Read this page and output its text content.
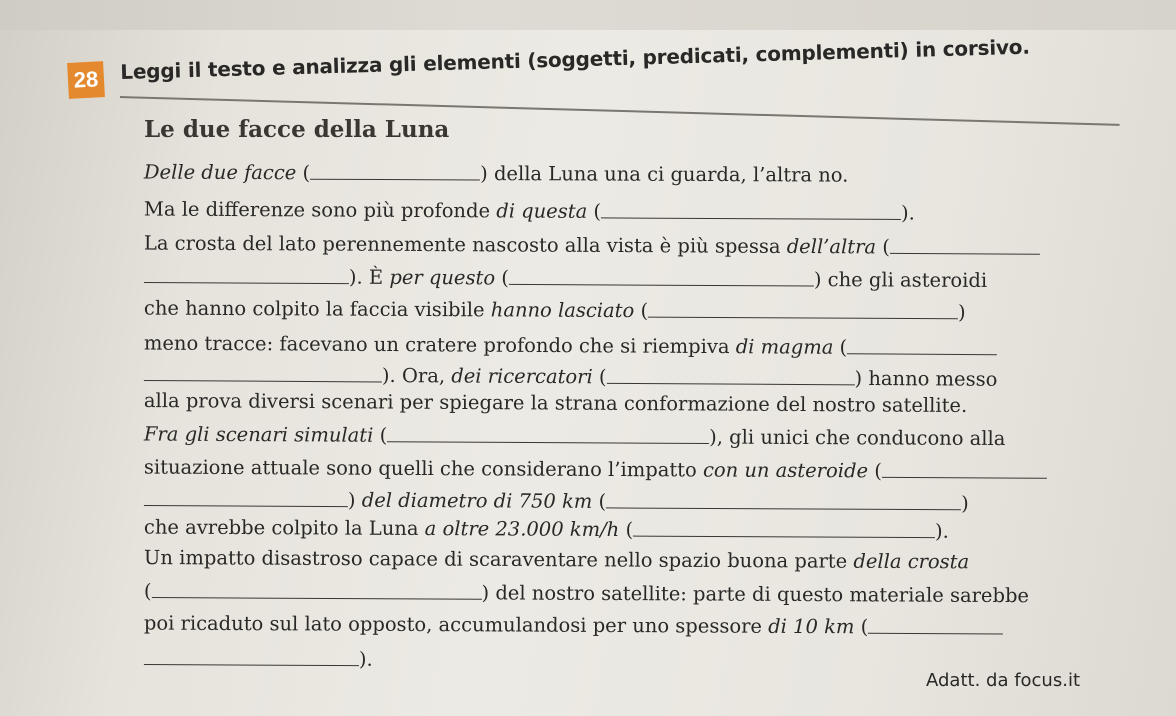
28	Leggi il testo e analizza gli elementi (soggetti, predicati, complementi) in corsivo.
Le due facce della Luna
Delle due facce (	) della Luna una ci guarda, l’altra no.
Ma le differenze sono più profonde di questa (	).
La crosta del lato perennemente nascosto alla vista è più spessa dell’altra (
). È per questo (	) che gli asteroidi
che hanno colpito la faccia visibile hanno lasciato (	)
meno tracce: facevano un cratere profondo che si riempiva di magma (
). Ora, dei ricercatori (	) hanno messo
alla prova diversi scenari per spiegare la strana conformazione del nostro satellite.
Fra gli scenari simulati (	), gli unici che conducono alla
situazione attuale sono quelli che considerano l’impatto con un asteroide (
) del diametro di 750 km (	)
che avrebbe colpito la Luna a oltre 23.000 km/h (	).
Un impatto disastroso capace di scaraventare nello spazio buona parte della crosta
(	) del nostro satellite: parte di questo materiale sarebbe
poi ricaduto sul lato opposto, accumulandosi per uno spessore di 10 km (
).
Adatt. da focus.it
